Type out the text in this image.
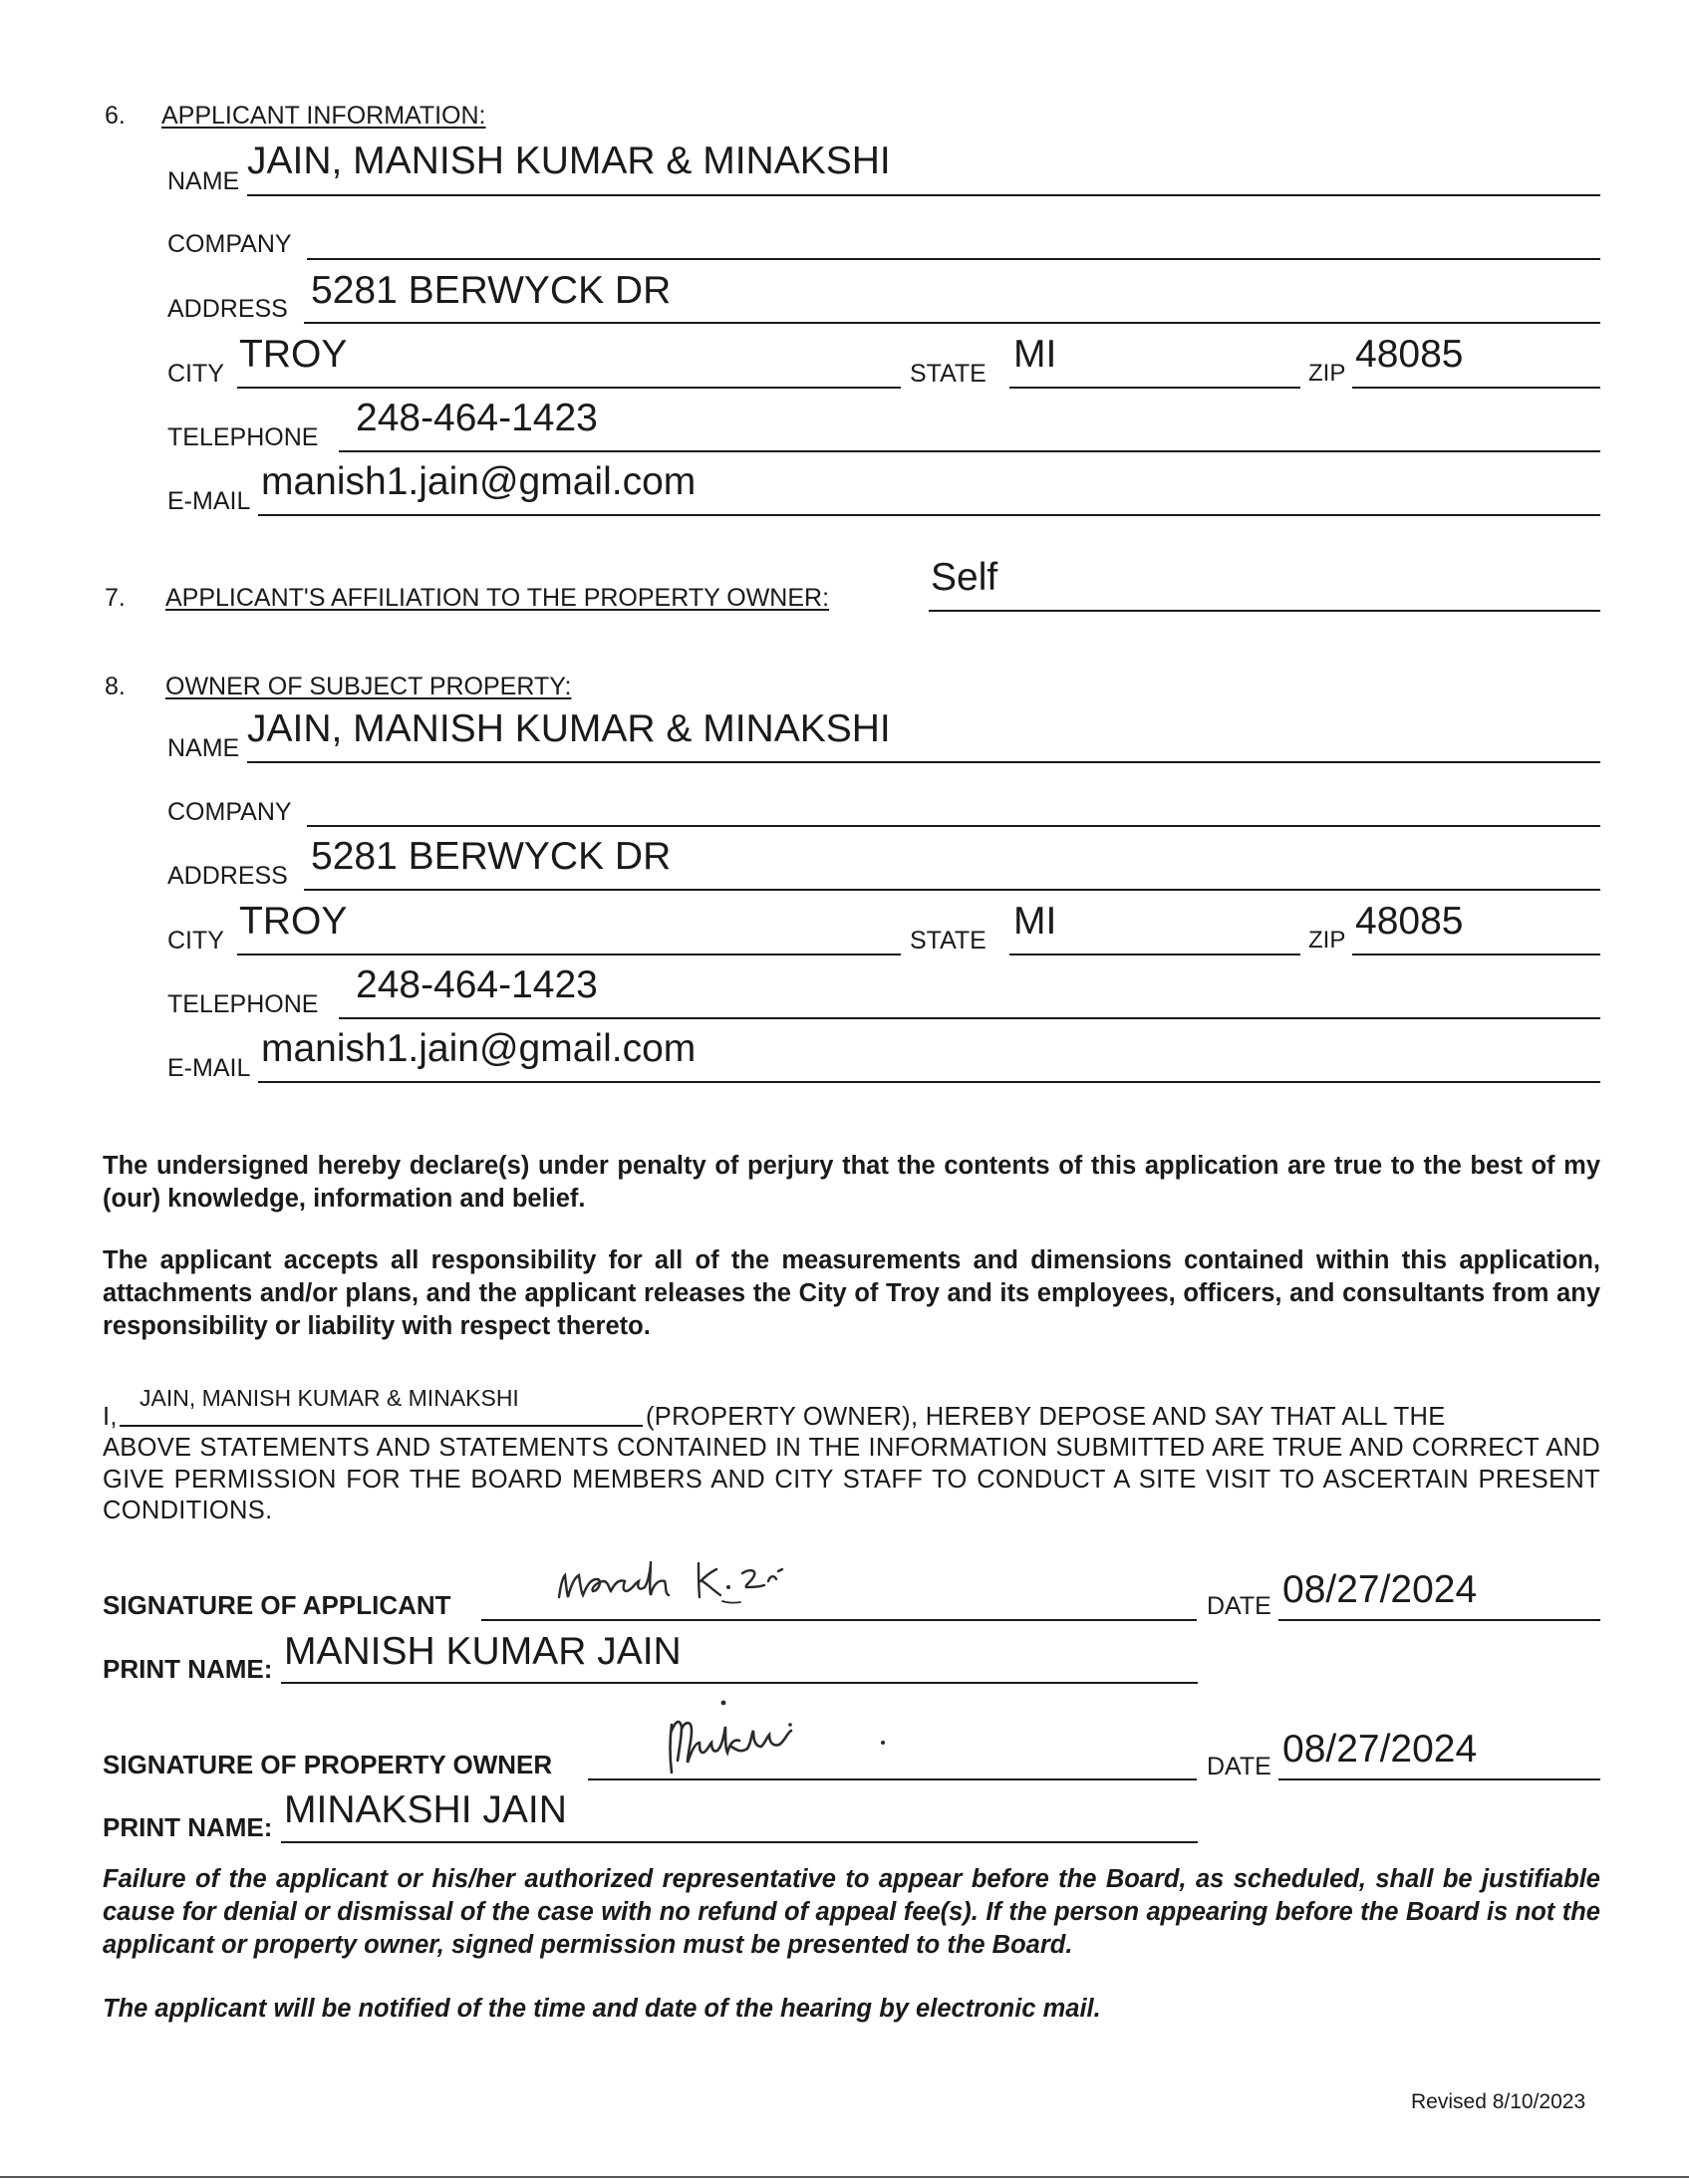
6. APPLICANT INFORMATION:
NAME JAIN, MANISH KUMAR & MINAKSHI
COMPANY
ADDRESS 5281 BERWYCK DR
CITY TROY	STATE MI	ZIP 48085
TELEPHONE 248-464-1423
E-MAIL manish1.jain@gmail.com
7. APPLICANT'S AFFILIATION TO THE PROPERTY OWNER:	Self
8. OWNER OF SUBJECT PROPERTY:
NAME JAIN, MANISH KUMAR & MINAKSHI
COMPANY
ADDRESS 5281 BERWYCK DR
CITY TROY	STATE MI	ZIP 48085
TELEPHONE 248-464-1423
E-MAIL manish1.jain@gmail.com
The undersigned hereby declare(s) under penalty of perjury that the contents of this application are true to the best of my (our) knowledge, information and belief.
The applicant accepts all responsibility for all of the measurements and dimensions contained within this application, attachments and/or plans, and the applicant releases the City of Troy and its employees, officers, and consultants from any responsibility or liability with respect thereto.
I,
JAIN, MANISH KUMAR & MINAKSHI
(PROPERTY OWNER), HEREBY DEPOSE AND SAY THAT ALL THE
ABOVE STATEMENTS AND STATEMENTS CONTAINED IN THE INFORMATION SUBMITTED ARE TRUE AND CORRECT AND GIVE PERMISSION FOR THE BOARD MEMBERS AND CITY STAFF TO CONDUCT A SITE VISIT TO ASCERTAIN PRESENT CONDITIONS.
SIGNATURE OF APPLICANT	DATE 08/27/2024
PRINT NAME: MANISH KUMAR JAIN
SIGNATURE OF PROPERTY OWNER	DATE 08/27/2024
PRINT NAME: MINAKSHI JAIN
Failure of the applicant or his/her authorized representative to appear before the Board, as scheduled, shall be justifiable cause for denial or dismissal of the case with no refund of appeal fee(s). If the person appearing before the Board is not the applicant or property owner, signed permission must be presented to the Board.
The applicant will be notified of the time and date of the hearing by electronic mail.
Revised 8/10/2023
